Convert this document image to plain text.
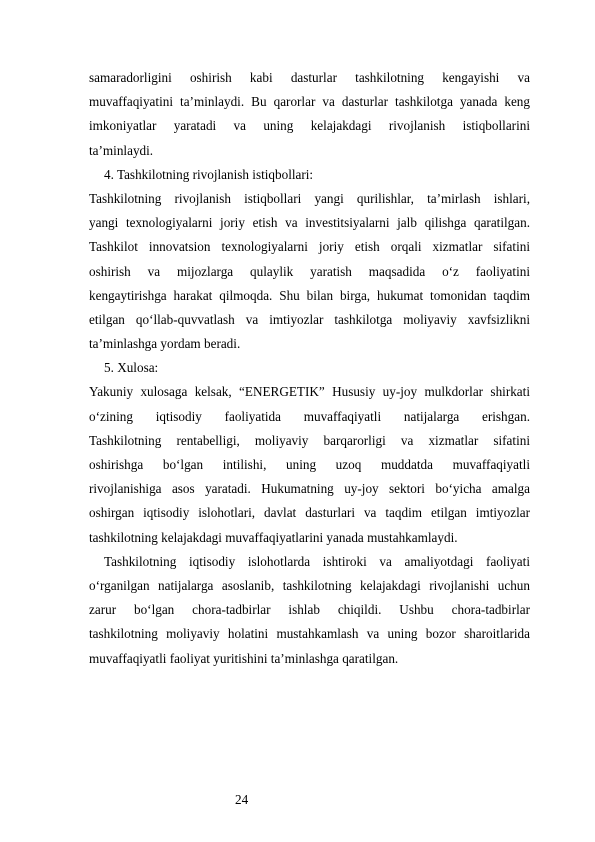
samaradorligini oshirish kabi dasturlar tashkilotning kengayishi va
muvaffaqiyatini ta’minlaydi. Bu qarorlar va dasturlar tashkilotga yanada keng
imkoniyatlar yaratadi va uning kelajakdagi rivojlanish istiqbollarini
ta’minlaydi.
4. Tashkilotning rivojlanish istiqbollari:
Tashkilotning rivojlanish istiqbollari yangi qurilishlar, ta’mirlash ishlari,
yangi texnologiyalarni joriy etish va investitsiyalarni jalb qilishga qaratilgan.
Tashkilot innovatsion texnologiyalarni joriy etish orqali xizmatlar sifatini
oshirish va mijozlarga qulaylik yaratish maqsadida o‘z faoliyatini
kengaytirishga harakat qilmoqda. Shu bilan birga, hukumat tomonidan taqdim
etilgan qo‘llab-quvvatlash va imtiyozlar tashkilotga moliyaviy xavfsizlikni
ta’minlashga yordam beradi.
5. Xulosa:
Yakuniy xulosaga kelsak, “ENERGETIK” Hususiy uy-joy mulkdorlar shirkati
o‘zining iqtisodiy faoliyatida muvaffaqiyatli natijalarga erishgan.
Tashkilotning rentabelligi, moliyaviy barqarorligi va xizmatlar sifatini
oshirishga bo‘lgan intilishi, uning uzoq muddatda muvaffaqiyatli
rivojlanishiga asos yaratadi. Hukumatning uy-joy sektori bo‘yicha amalga
oshirgan iqtisodiy islohotlari, davlat dasturlari va taqdim etilgan imtiyozlar
tashkilotning kelajakdagi muvaffaqiyatlarini yanada mustahkamlaydi.
Tashkilotning iqtisodiy islohotlarda ishtiroki va amaliyotdagi faoliyati
o‘rganilgan natijalarga asoslanib, tashkilotning kelajakdagi rivojlanishi uchun
zarur bo‘lgan chora-tadbirlar ishlab chiqildi. Ushbu chora-tadbirlar
tashkilotning moliyaviy holatini mustahkamlash va uning bozor sharoitlarida
muvaffaqiyatli faoliyat yuritishini ta’minlashga qaratilgan.
24
